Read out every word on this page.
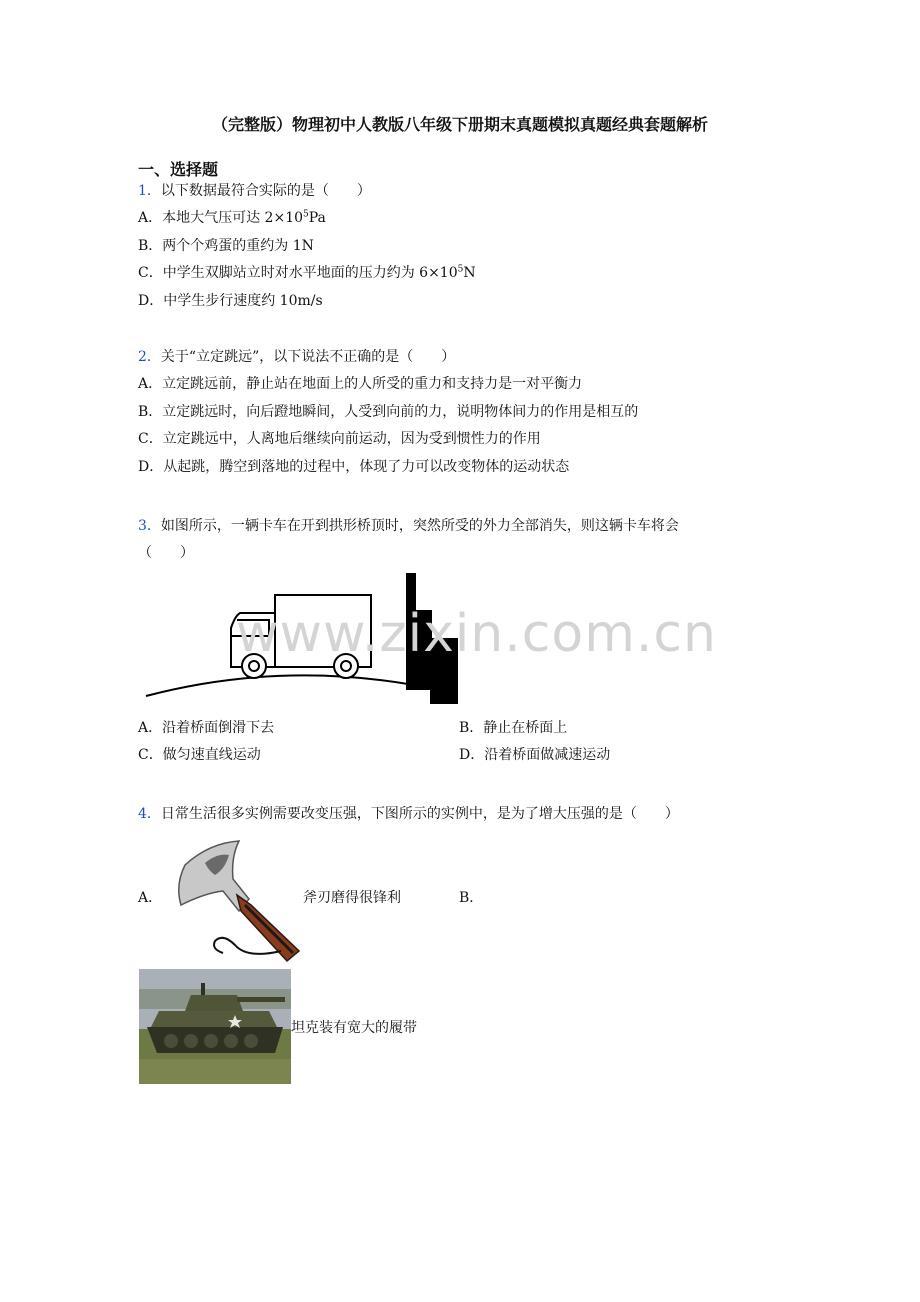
（完整版）物理初中人教版八年级下册期末真题模拟真题经典套题解析
一、选择题
1．以下数据最符合实际的是（　　）
A．本地大气压可达 $2\times 10^5Pa$
B．两个个鸡蛋的重约为 1N
C．中学生双脚站立时对水平地面的压力约为 $6\times 10^5N$
D．中学生步行速度约 10m/s
2．关于“立定跳远”，以下说法不正确的是（　　）
A．立定跳远前，静止站在地面上的人所受的重力和支持力是一对平衡力
B．立定跳远时，向后蹬地瞬间，人受到向前的力，说明物体间力的作用是相互的
C．立定跳远中，人离地后继续向前运动，因为受到惯性力的作用
D．从起跳，腾空到落地的过程中，体现了力可以改变物体的运动状态
3．如图所示，一辆卡车在开到拱形桥顶时，突然所受的外力全部消失，则这辆卡车将会
（　　）
www.zixin.com.cn
A．沿着桥面倒滑下去	B．静止在桥面上
C．做匀速直线运动	D．沿着桥面做减速运动
4．日常生活很多实例需要改变压强，下图所示的实例中，是为了增大压强的是（　　）
A．	斧刃磨得很锋利	B．
坦克装有宽大的履带
